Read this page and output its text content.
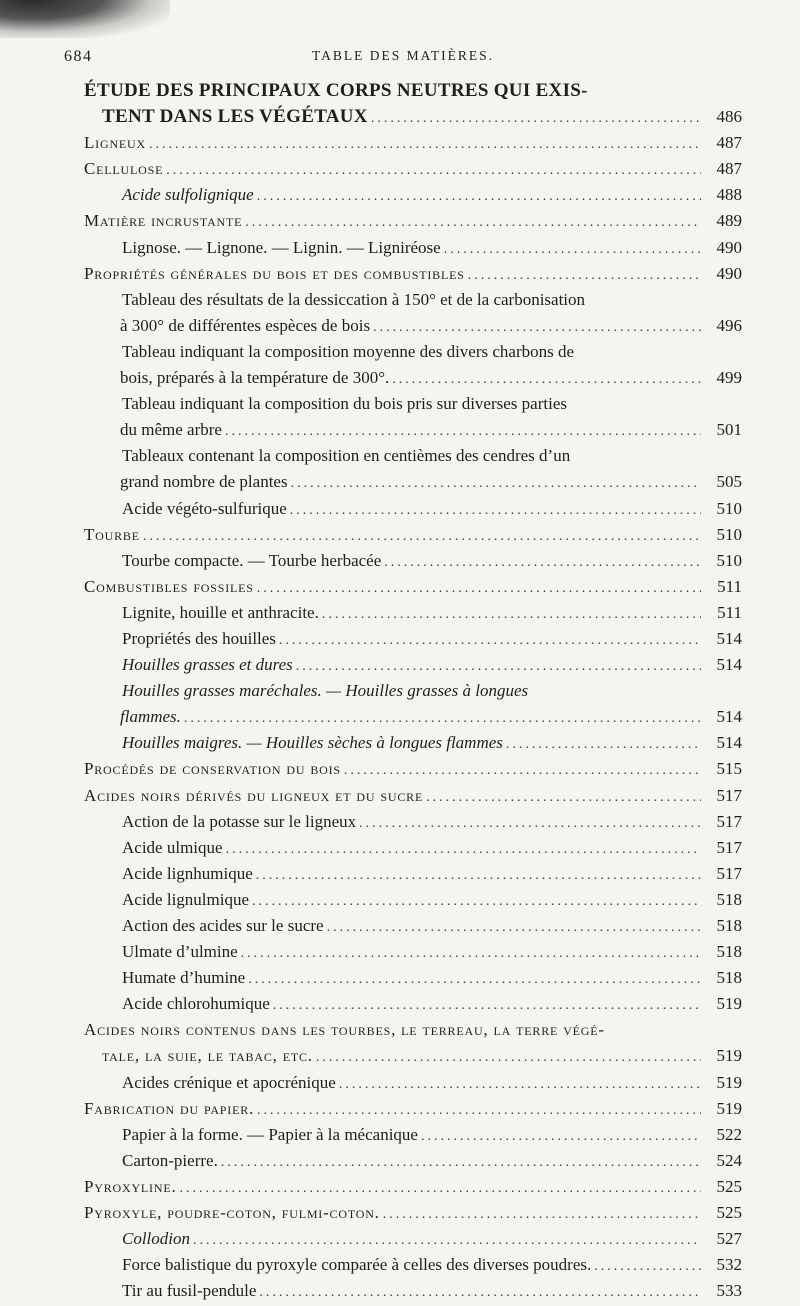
684	TABLE DES MATIÈRES.
ÉTUDE DES PRINCIPAUX CORPS NEUTRES QUI EXIS-
TENT DANS LES VÉGÉTAUX .....	486
Ligneux .....	487
Cellulose .....	487
Acide sulfolignique .....	488
Matière incrustante .....	489
Lignose. — Lignone. — Lignin. — Ligniréose .....	490
Propriétés générales du bois et des combustibles .....	490
Tableau des résultats de la dessiccation à 150° et de la carbonisation
à 300° de différentes espèces de bois .....	496
Tableau indiquant la composition moyenne des divers charbons de
bois, préparés à la température de 300°. .....	499
Tableau indiquant la composition du bois pris sur diverses parties
du même arbre .....	501
Tableaux contenant la composition en centièmes des cendres d’un
grand nombre de plantes .....	505
Acide végéto-sulfurique .....	510
Tourbe .....	510
Tourbe compacte. — Tourbe herbacée .....	510
Combustibles fossiles .....	511
Lignite, houille et anthracite. .....	511
Propriétés des houilles .....	514
Houilles grasses et dures .....	514
Houilles grasses maréchales. — Houilles grasses à longues
flammes. .....	514
Houilles maigres. — Houilles sèches à longues flammes .....	514
Procédés de conservation du bois .....	515
Acides noirs dérivés du ligneux et du sucre .....	517
Action de la potasse sur le ligneux .....	517
Acide ulmique .....	517
Acide lignhumique .....	517
Acide lignulmique .....	518
Action des acides sur le sucre .....	518
Ulmate d’ulmine .....	518
Humate d’humine .....	518
Acide chlorohumique .....	519
Acides noirs contenus dans les tourbes, le terreau, la terre végé-
tale, la suie, le tabac, etc. .....	519
Acides crénique et apocrénique .....	519
Fabrication du papier. .....	519
Papier à la forme. — Papier à la mécanique .....	522
Carton-pierre. .....	524
Pyroxyline. .....	525
Pyroxyle, poudre-coton, fulmi-coton. .....	525
Collodion .....	527
Force balistique du pyroxyle comparée à celles des diverses poudres. .....	532
Tir au fusil-pendule .....	533
